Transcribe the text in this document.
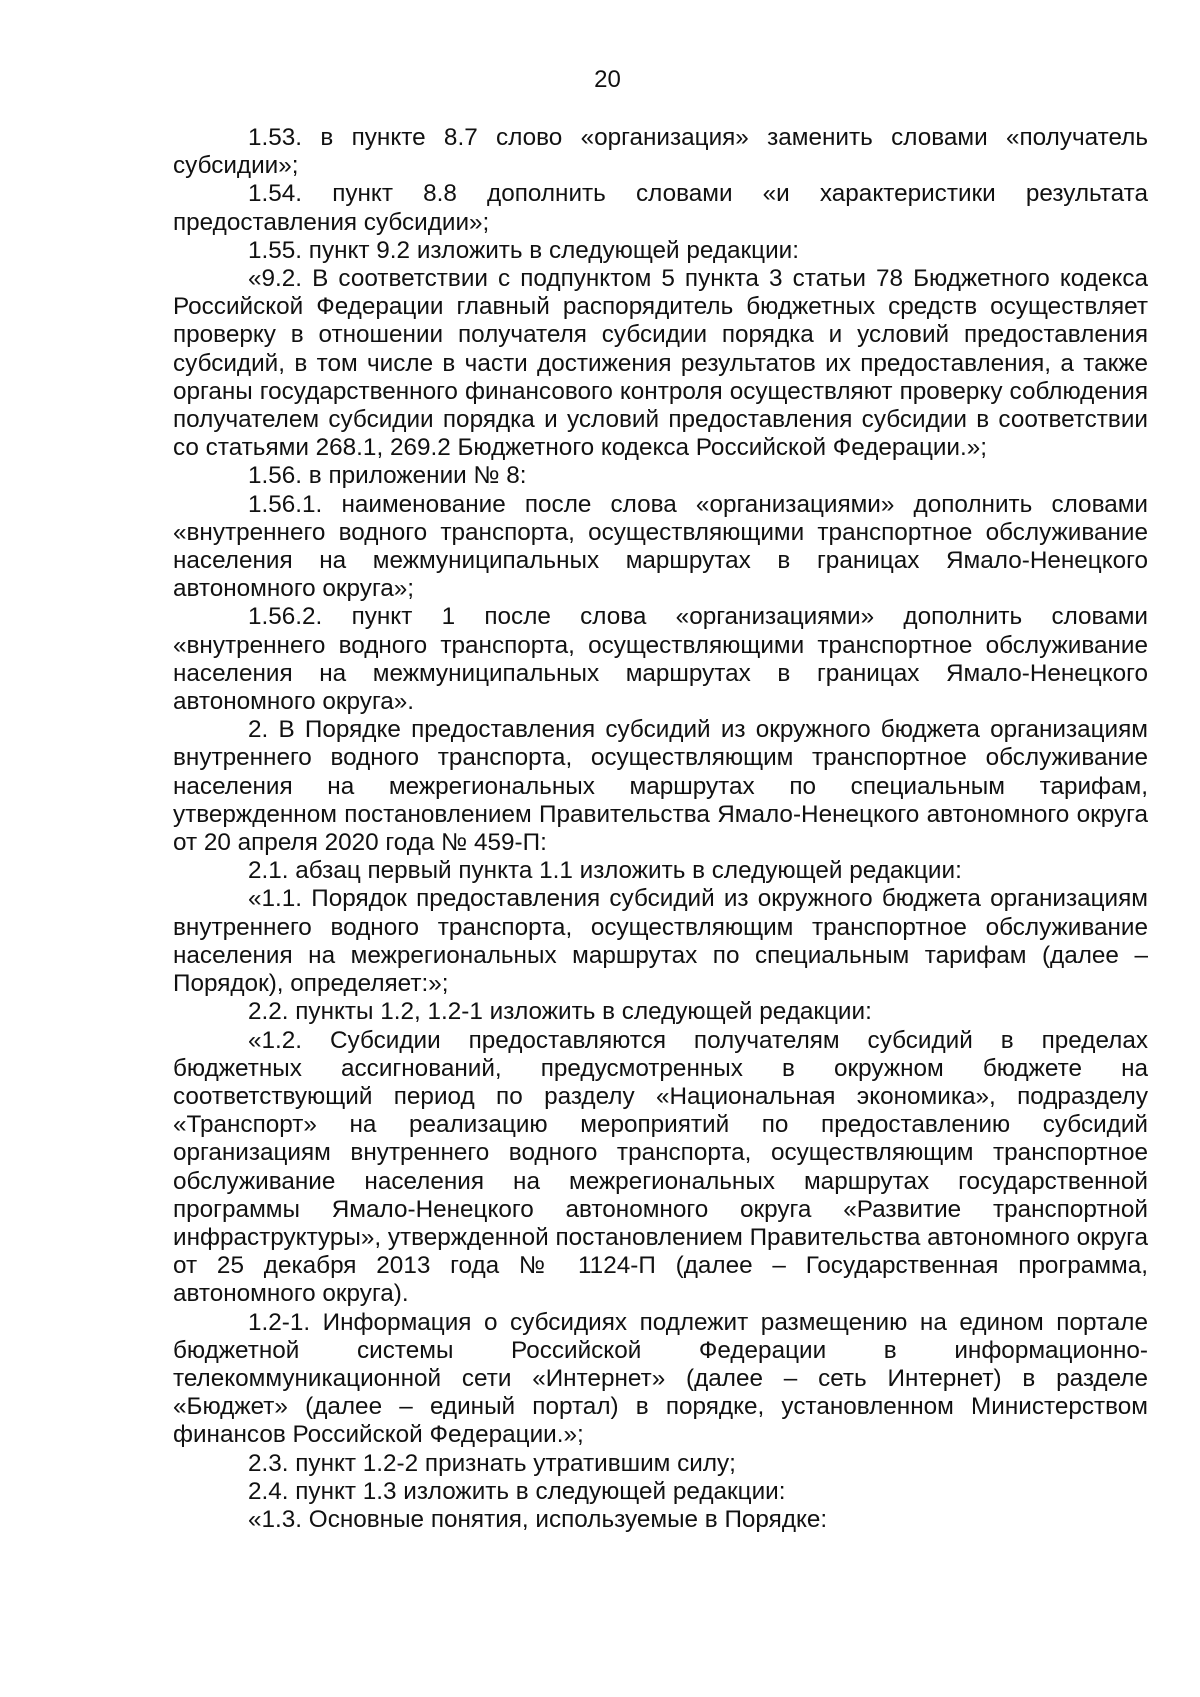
20

1.53. в пункте 8.7 слово «организация» заменить словами «получатель субсидии»;

1.54. пункт 8.8 дополнить словами «и характеристики результата предоставления субсидии»;

1.55. пункт 9.2 изложить в следующей редакции:

«9.2. В соответствии с подпунктом 5 пункта 3 статьи 78 Бюджетного кодекса Российской Федерации главный распорядитель бюджетных средств осуществляет проверку в отношении получателя субсидии порядка и условий предоставления субсидий, в том числе в части достижения результатов их предоставления, а также органы государственного финансового контроля осуществляют проверку соблюдения получателем субсидии порядка и условий предоставления субсидии в соответствии со статьями 268.1, 269.2 Бюджетного кодекса Российской Федерации.»;

1.56. в приложении № 8:

1.56.1. наименование после слова «организациями» дополнить словами «внутреннего водного транспорта, осуществляющими транспортное обслуживание населения на межмуниципальных маршрутах в границах Ямало-Ненецкого автономного округа»;

1.56.2. пункт 1 после слова «организациями» дополнить словами «внутреннего водного транспорта, осуществляющими транспортное обслуживание населения на межмуниципальных маршрутах в границах Ямало-Ненецкого автономного округа».

2. В Порядке предоставления субсидий из окружного бюджета организациям внутреннего водного транспорта, осуществляющим транспортное обслуживание населения на межрегиональных маршрутах по специальным тарифам, утвержденном постановлением Правительства Ямало-Ненецкого автономного округа от 20 апреля 2020 года № 459-П:

2.1. абзац первый пункта 1.1 изложить в следующей редакции:

«1.1. Порядок предоставления субсидий из окружного бюджета организациям внутреннего водного транспорта, осуществляющим транспортное обслуживание населения на межрегиональных маршрутах по специальным тарифам (далее – Порядок), определяет:»;

2.2. пункты 1.2, 1.2-1 изложить в следующей редакции:

«1.2. Субсидии предоставляются получателям субсидий в пределах бюджетных ассигнований, предусмотренных в окружном бюджете на соответствующий период по разделу «Национальная экономика», подразделу «Транспорт» на реализацию мероприятий по предоставлению субсидий организациям внутреннего водного транспорта, осуществляющим транспортное обслуживание населения на межрегиональных маршрутах государственной программы Ямало-Ненецкого автономного округа «Развитие транспортной инфраструктуры», утвержденной постановлением Правительства автономного округа от 25 декабря 2013 года № 1124-П (далее – Государственная программа, автономного округа).

1.2-1. Информация о субсидиях подлежит размещению на едином портале бюджетной системы Российской Федерации в информационно-телекоммуникационной сети «Интернет» (далее – сеть Интернет) в разделе «Бюджет» (далее – единый портал) в порядке, установленном Министерством финансов Российской Федерации.»;

2.3. пункт 1.2-2 признать утратившим силу;

2.4. пункт 1.3 изложить в следующей редакции:

«1.3. Основные понятия, используемые в Порядке:
